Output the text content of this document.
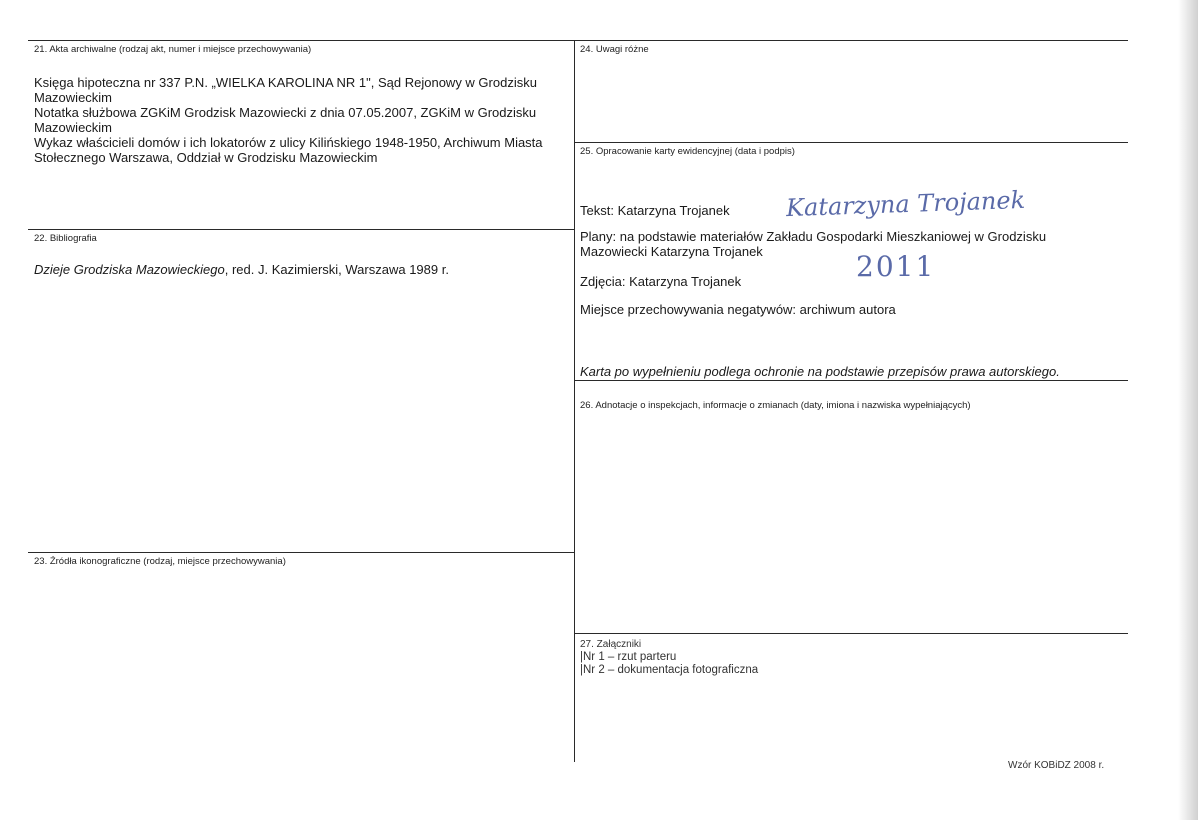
21. Akta archiwalne (rodzaj akt, numer i miejsce przechowywania)
Księga hipoteczna nr 337 P.N. „WIELKA KAROLINA NR 1", Sąd Rejonowy w Grodzisku
Mazowieckim
Notatka służbowa ZGKiM Grodzisk Mazowiecki z dnia 07.05.2007, ZGKiM w Grodzisku
Mazowieckim
Wykaz właścicieli domów i ich lokatorów z ulicy Kilińskiego 1948-1950, Archiwum Miasta
Stołecznego Warszawa, Oddział w Grodzisku Mazowieckim
22. Bibliografia
Dzieje Grodziska Mazowieckiego, red. J. Kazimierski, Warszawa 1989 r.
23. Źródła ikonograficzne (rodzaj, miejsce przechowywania)
24. Uwagi różne
25. Opracowanie karty ewidencyjnej (data i podpis)
Tekst: Katarzyna Trojanek Katarzyna Trojanek
Plany: na podstawie materiałów Zakładu Gospodarki Mieszkaniowej w Grodzisku
Mazowiecki Katarzyna Trojanek	2011
Zdjęcia: Katarzyna Trojanek
Miejsce przechowywania negatywów: archiwum autora
Karta po wypełnieniu podlega ochronie na podstawie przepisów prawa autorskiego.
26. Adnotacje o inspekcjach, informacje o zmianach (daty, imiona i nazwiska wypełniających)
27. Załączniki
|Nr 1 – rzut parteru
|Nr 2 – dokumentacja fotograficzna
Wzór KOBiDZ 2008 r.
